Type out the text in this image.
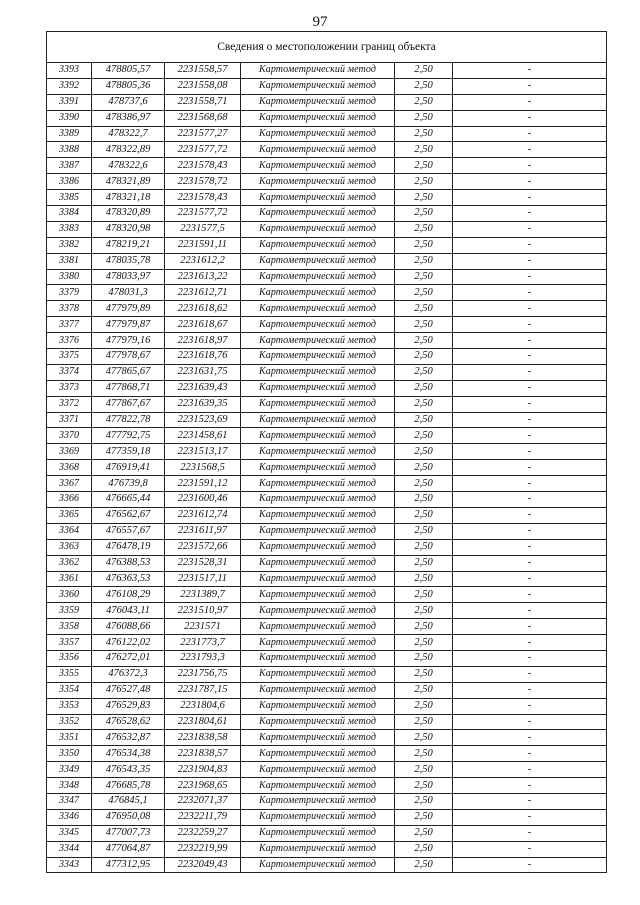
97
Сведения о местоположении границ объекта					
3393	478805,57	2231558,57	Картометрический метод	2,50	-
3392	478805,36	2231558,08	Картометрический метод	2,50	-
3391	478737,6	2231558,71	Картометрический метод	2,50	-
3390	478386,97	2231568,68	Картометрический метод	2,50	-
3389	478322,7	2231577,27	Картометрический метод	2,50	-
3388	478322,89	2231577,72	Картометрический метод	2,50	-
3387	478322,6	2231578,43	Картометрический метод	2,50	-
3386	478321,89	2231578,72	Картометрический метод	2,50	-
3385	478321,18	2231578,43	Картометрический метод	2,50	-
3384	478320,89	2231577,72	Картометрический метод	2,50	-
3383	478320,98	2231577,5	Картометрический метод	2,50	-
3382	478219,21	2231591,11	Картометрический метод	2,50	-
3381	478035,78	2231612,2	Картометрический метод	2,50	-
3380	478033,97	2231613,22	Картометрический метод	2,50	-
3379	478031,3	2231612,71	Картометрический метод	2,50	-
3378	477979,89	2231618,62	Картометрический метод	2,50	-
3377	477979,87	2231618,67	Картометрический метод	2,50	-
3376	477979,16	2231618,97	Картометрический метод	2,50	-
3375	477978,67	2231618,76	Картометрический метод	2,50	-
3374	477865,67	2231631,75	Картометрический метод	2,50	-
3373	477868,71	2231639,43	Картометрический метод	2,50	-
3372	477867,67	2231639,35	Картометрический метод	2,50	-
3371	477822,78	2231523,69	Картометрический метод	2,50	-
3370	477792,75	2231458,61	Картометрический метод	2,50	-
3369	477359,18	2231513,17	Картометрический метод	2,50	-
3368	476919,41	2231568,5	Картометрический метод	2,50	-
3367	476739,8	2231591,12	Картометрический метод	2,50	-
3366	476665,44	2231600,46	Картометрический метод	2,50	-
3365	476562,67	2231612,74	Картометрический метод	2,50	-
3364	476557,67	2231611,97	Картометрический метод	2,50	-
3363	476478,19	2231572,66	Картометрический метод	2,50	-
3362	476388,53	2231528,31	Картометрический метод	2,50	-
3361	476363,53	2231517,11	Картометрический метод	2,50	-
3360	476108,29	2231389,7	Картометрический метод	2,50	-
3359	476043,11	2231510,97	Картометрический метод	2,50	-
3358	476088,66	2231571	Картометрический метод	2,50	-
3357	476122,02	2231773,7	Картометрический метод	2,50	-
3356	476272,01	2231793,3	Картометрический метод	2,50	-
3355	476372,3	2231756,75	Картометрический метод	2,50	-
3354	476527,48	2231787,15	Картометрический метод	2,50	-
3353	476529,83	2231804,6	Картометрический метод	2,50	-
3352	476528,62	2231804,61	Картометрический метод	2,50	-
3351	476532,87	2231838,58	Картометрический метод	2,50	-
3350	476534,38	2231838,57	Картометрический метод	2,50	-
3349	476543,35	2231904,83	Картометрический метод	2,50	-
3348	476685,78	2231968,65	Картометрический метод	2,50	-
3347	476845,1	2232071,37	Картометрический метод	2,50	-
3346	476950,08	2232211,79	Картометрический метод	2,50	-
3345	477007,73	2232259,27	Картометрический метод	2,50	-
3344	477064,87	2232219,99	Картометрический метод	2,50	-
3343	477312,95	2232049,43	Картометрический метод	2,50	-
